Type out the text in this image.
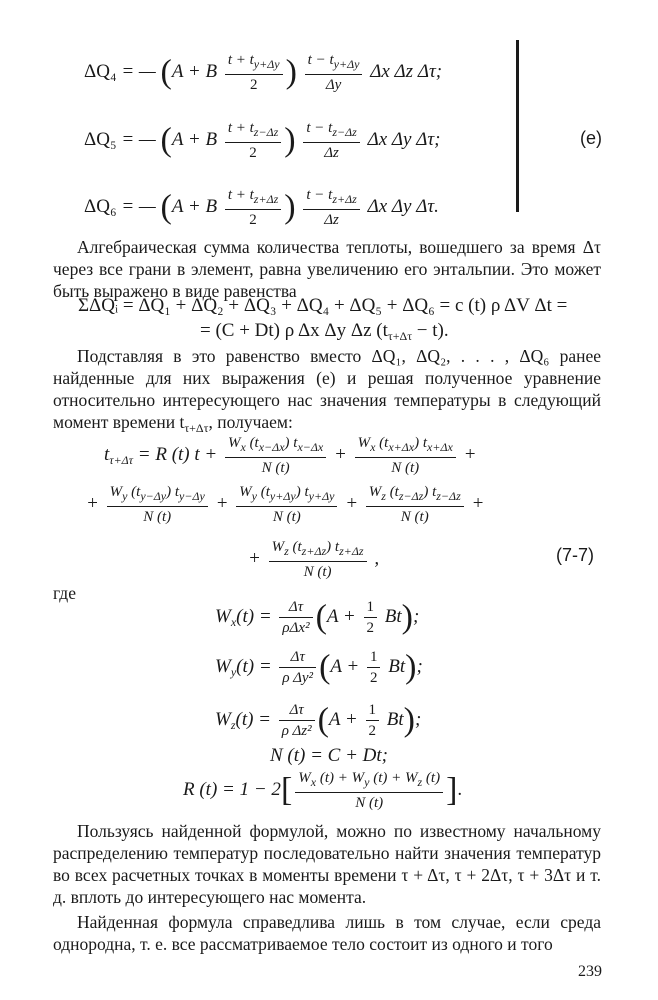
ΔQ₄ = — (A + B $\frac{t + t_{y+\Delta y}}{2}$ ) $\frac{t - t_{y+\Delta y}}{\Delta y}$ Δx Δz Δτ;
ΔQ₅ = — (A + B $\frac{t + t_{z-\Delta z}}{2}$ ) $\frac{t - t_{z-\Delta z}}{\Delta z}$ Δx Δy Δτ;
ΔQ₆ = — (A + B $\frac{t + t_{z+\Delta z}}{2}$ ) $\frac{t - t_{z+\Delta z}}{\Delta z}$ Δx Δy Δτ.
(e)
Алгебраическая сумма количества теплоты, вошедшего за время Δτ через все грани в элемент, равна увеличению его энтальпии. Это может быть выражено в виде равенства
ΣΔQᵢ = ΔQ₁ + ΔQ₂ + ΔQ₃ + ΔQ₄ + ΔQ₅ + ΔQ₆ = c (t) ρ ΔV Δt =
= (C + Dt) ρ Δx Δy Δz $(t_{\tau+\Delta\tau} - t)$.
Подставляя в это равенство вместо ΔQ₁, ΔQ₂, . . . , ΔQ₆ ранее найденные для них выражения (е) и решая полученное уравнение относительно интересующего нас значения температуры в следующий момент времени $t_{\tau+\Delta\tau}$, получаем:
$t_{\tau+\Delta\tau} = R$ (t) $t + \frac{W_x (t_{x-\Delta x}) t_{x-\Delta x}}{N (t)} + \frac{W_x (t_{x+\Delta x}) t_{x+\Delta x}}{N (t)}$ +
+ $\frac{W_y (t_{y-\Delta y}) t_{y-\Delta y}}{N (t)} + \frac{W_y (t_{y+\Delta y}) t_{y+\Delta y}}{N (t)} + \frac{W_z (t_{z-\Delta z}) t_{z-\Delta z}}{N (t)}$ +
+ $\frac{W_z (t_{z+\Delta z}) t_{z+\Delta z}}{N (t)}$ ,	(7-7)
где
$W_x(t) = \frac{\Delta\tau}{\text{ρΔx²}} (A + \frac{1}{2} Bt)$;
$W_y(t) = \frac{\Delta\tau}{\text{ρ Δy²}} (A + \frac{1}{2} Bt)$;
$W_z(t) = \frac{\Delta\tau}{\text{ρ Δz²}} (A + \frac{1}{2} Bt)$;
N (t) = C + Dt;
R $(t) = 1 - 2[ \frac{W_x (t) + W_y (t) + W_z (t)}{N (t)}$ ].
Пользуясь найденной формулой, можно по известному начальному распределению температур последовательно найти значения температур во всех расчетных точках в моменты времени τ + Δτ, τ + 2Δτ, τ + 3Δτ и т. д. вплоть до интересующего нас момента.
Найденная формула справедлива лишь в том случае, если среда однородна, т. е. все рассматриваемое тело состоит из одного и того
239
